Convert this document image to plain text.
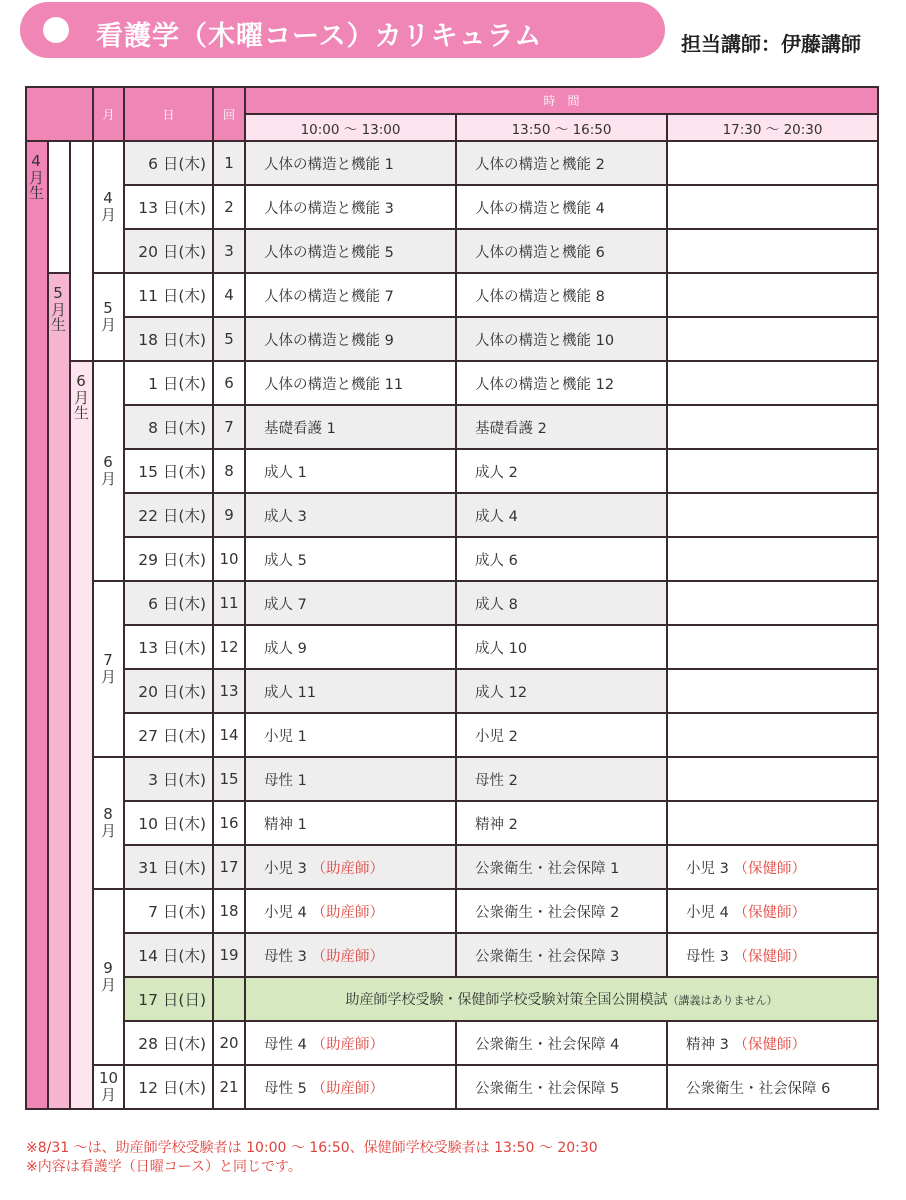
看護学（木曜コース）カリキュラム	担当講師：伊藤講師
			月	日	回	時　間		
						10:00 ～ 13:00	13:50 ～ 16:50	17:30 ～ 20:30
4月生			4月	6 日(木)	1	人体の構造と機能 1	人体の構造と機能 2	
				13 日(木)	2	人体の構造と機能 3	人体の構造と機能 4	
				20 日(木)	3	人体の構造と機能 5	人体の構造と機能 6	
	5月生		5月	11 日(木)	4	人体の構造と機能 7	人体の構造と機能 8	
				18 日(木)	5	人体の構造と機能 9	人体の構造と機能 10	
		6月生	6月	1 日(木)	6	人体の構造と機能 11	人体の構造と機能 12	
				8 日(木)	7	基礎看護 1	基礎看護 2	
				15 日(木)	8	成人 1	成人 2	
				22 日(木)	9	成人 3	成人 4	
				29 日(木)	10	成人 5	成人 6	
			7月	6 日(木)	11	成人 7	成人 8	
				13 日(木)	12	成人 9	成人 10	
				20 日(木)	13	成人 11	成人 12	
				27 日(木)	14	小児 1	小児 2	
			8月	3 日(木)	15	母性 1	母性 2	
				10 日(木)	16	精神 1	精神 2	
				31 日(木)	17	小児 3 （助産師）	公衆衛生・社会保障 1	小児 3 （保健師）
			9月	7 日(木)	18	小児 4 （助産師）	公衆衛生・社会保障 2	小児 4 （保健師）
				14 日(木)	19	母性 3 （助産師）	公衆衛生・社会保障 3	母性 3 （保健師）
				17 日(日)		助産師学校受験・保健師学校受験対策全国公開模試（講義はありません）		
				28 日(木)	20	母性 4 （助産師）	公衆衛生・社会保障 4	精神 3 （保健師）
			10月	12 日(木)	21	母性 5 （助産師）	公衆衛生・社会保障 5	公衆衛生・社会保障 6
※8/31 ～は、助産師学校受験者は 10:00 ～ 16:50、保健師学校受験者は 13:50 ～ 20:30
※内容は看護学（日曜コース）と同じです。
